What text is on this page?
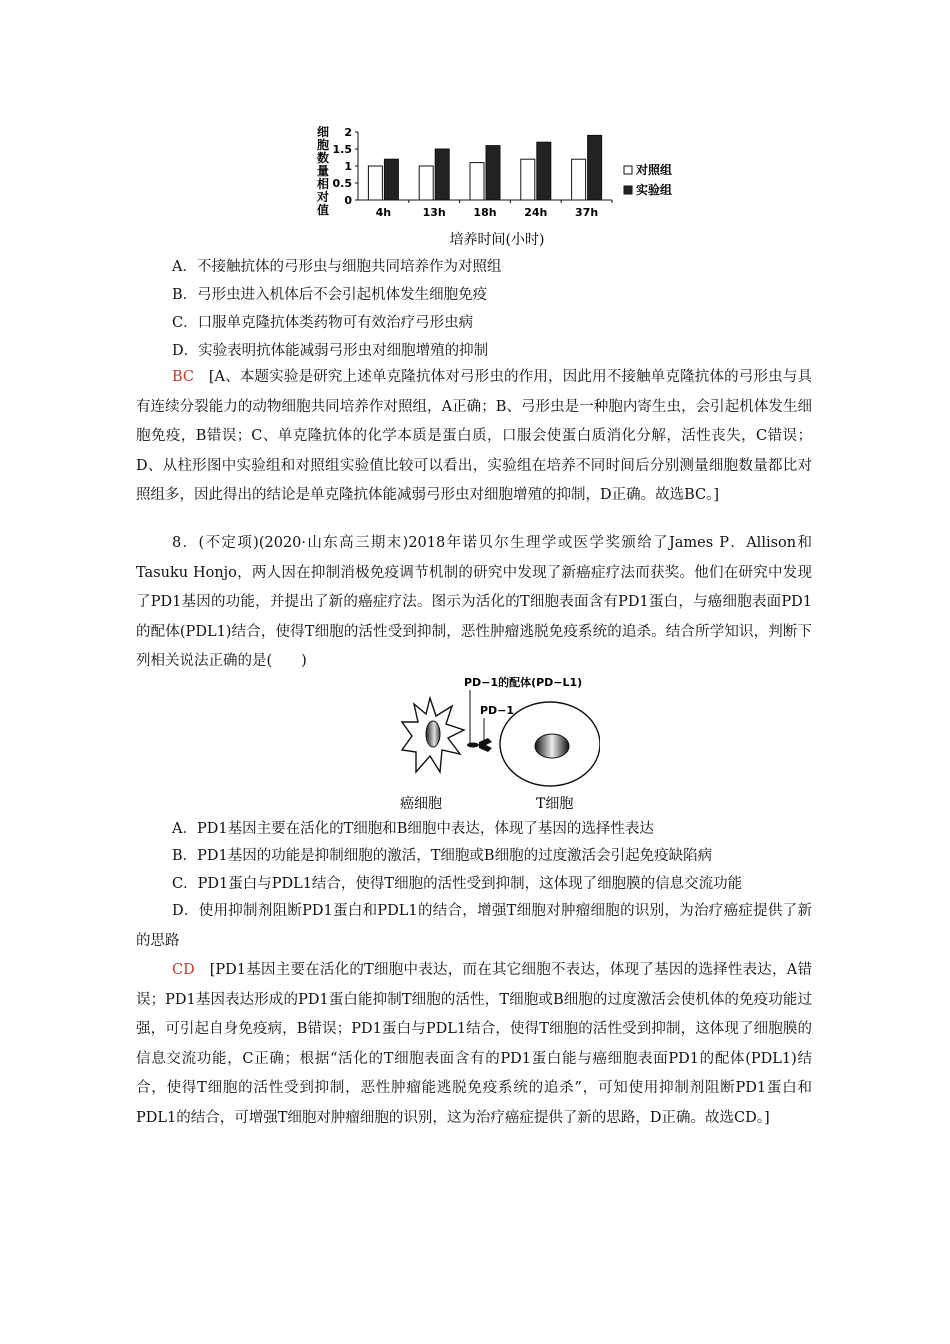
细
胞
数
量
相
对
值
2
1.5
1
0.5
0
4h	13h	18h	24h	37h
培养时间(小时)
对照组
实验组
A．不接触抗体的弓形虫与细胞共同培养作为对照组
B．弓形虫进入机体后不会引起机体发生细胞免疫
C．口服单克隆抗体类药物可有效治疗弓形虫病
D．实验表明抗体能减弱弓形虫对细胞增殖的抑制
BC　 [A、本题实验是研究上述单克隆抗体对弓形虫的作用，因此用不接触单克隆抗体的弓形虫与具有连续分裂能力的动物细胞共同培养作对照组，A正确；B、弓形虫是一种胞内寄生虫，会引起机体发生细胞免疫，B错误；C、单克隆抗体的化学本质是蛋白质，口服会使蛋白质消化分解，活性丧失，C错误；D、从柱形图中实验组和对照组实验值比较可以看出，实验组在培养不同时间后分别测量细胞数量都比对照组多，因此得出的结论是单克隆抗体能减弱弓形虫对细胞增殖的抑制，D正确。故选BC。]
8．(不定项)(2020·山东高三期末)2018年诺贝尔生理学或医学奖颁给了James P．Allison和Tasuku Honjo，两人因在抑制消极免疫调节机制的研究中发现了新癌症疗法而获奖。他们在研究中发现了PD1基因的功能，并提出了新的癌症疗法。图示为活化的T细胞表面含有PD1蛋白，与癌细胞表面PD1的配体(PDL1)结合，使得T细胞的活性受到抑制，恶性肿瘤逃脱免疫系统的追杀。结合所学知识，判断下列相关说法正确的是(　　)
PD−1的配体(PD−L1)
PD−1
癌细胞	T细胞
A．PD1基因主要在活化的T细胞和B细胞中表达，体现了基因的选择性表达
B．PD1基因的功能是抑制细胞的激活，T细胞或B细胞的过度激活会引起免疫缺陷病
C．PD1蛋白与PDL1结合，使得T细胞的活性受到抑制，这体现了细胞膜的信息交流功能
D．使用抑制剂阻断PD1蛋白和PDL1的结合，增强T细胞对肿瘤细胞的识别，为治疗癌症提供了新的思路
CD　 [PD1基因主要在活化的T细胞中表达，而在其它细胞不表达，体现了基因的选择性表达，A错误；PD1基因表达形成的PD1蛋白能抑制T细胞的活性，T细胞或B细胞的过度激活会使机体的免疫功能过强，可引起自身免疫病，B错误；PD1蛋白与PDL1结合，使得T细胞的活性受到抑制，这体现了细胞膜的信息交流功能，C正确；根据“活化的T细胞表面含有的PD1蛋白能与癌细胞表面PD1的配体(PDL1)结合，使得T细胞的活性受到抑制，恶性肿瘤能逃脱免疫系统的追杀”，可知使用抑制剂阻断PD1蛋白和PDL1的结合，可增强T细胞对肿瘤细胞的识别，这为治疗癌症提供了新的思路，D正确。故选CD。]
